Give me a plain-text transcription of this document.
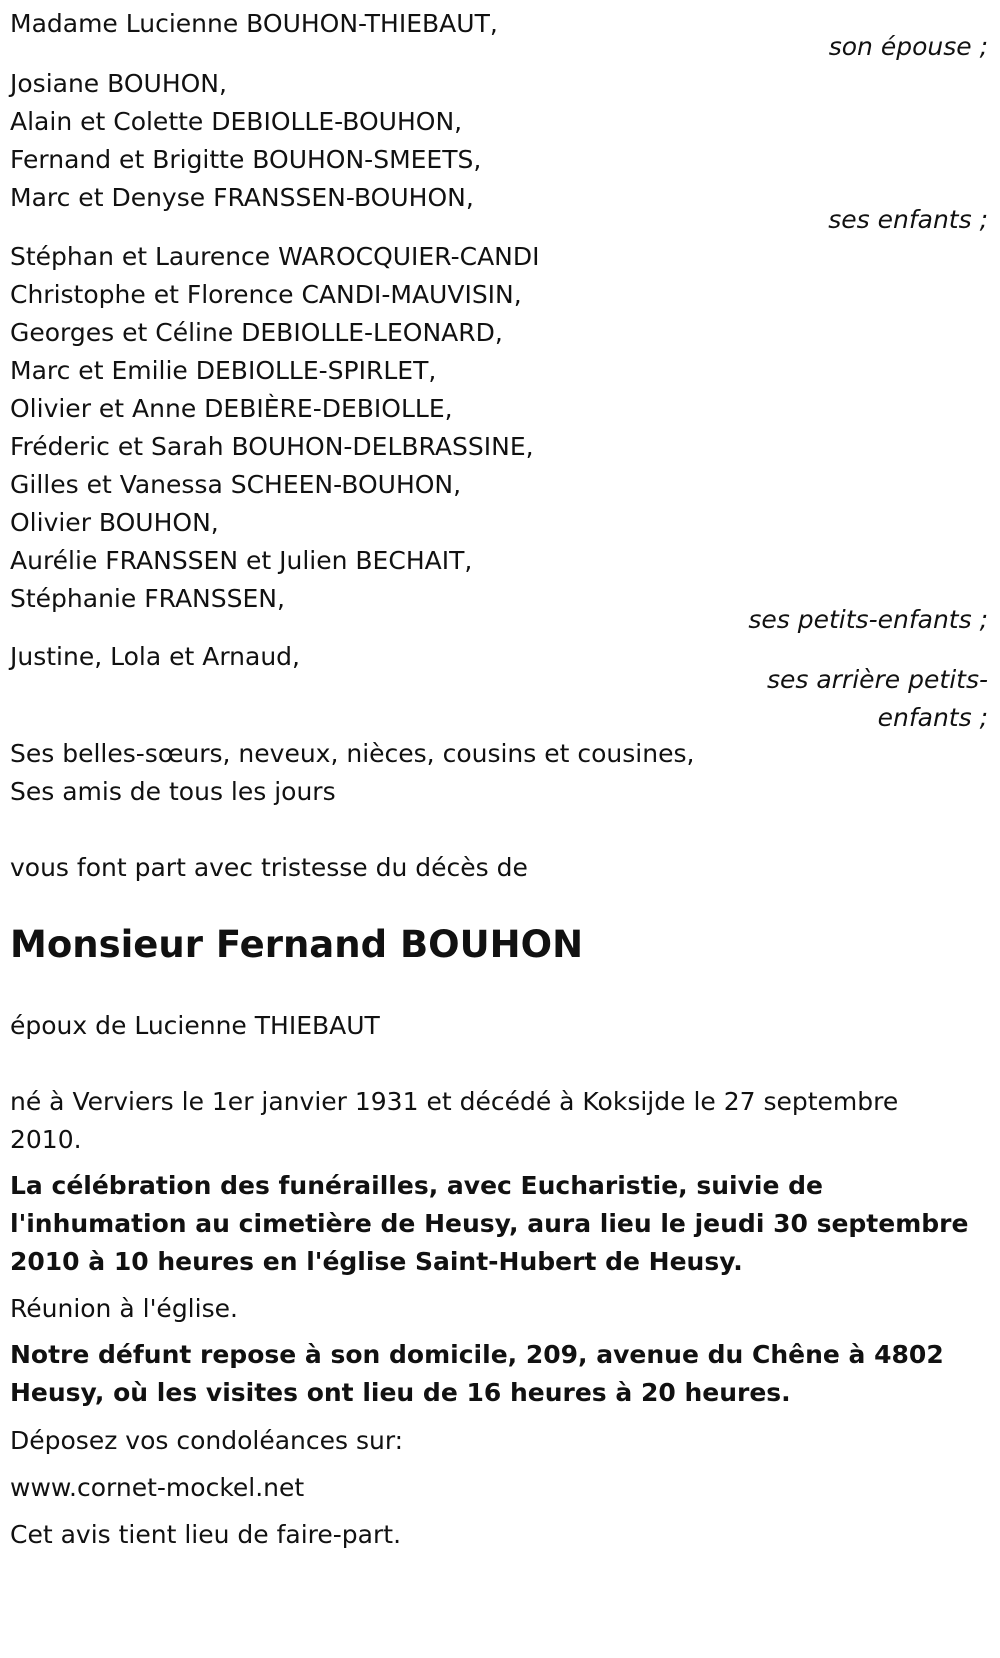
Madame Lucienne BOUHON-THIEBAUT,
son épouse ;
Josiane BOUHON,
Alain et Colette DEBIOLLE-BOUHON,
Fernand et Brigitte BOUHON-SMEETS,
Marc et Denyse FRANSSEN-BOUHON,
ses enfants ;
Stéphan et Laurence WAROCQUIER-CANDI
Christophe et Florence CANDI-MAUVISIN,
Georges et Céline DEBIOLLE-LEONARD,
Marc et Emilie DEBIOLLE-SPIRLET,
Olivier et Anne DEBIÈRE-DEBIOLLE,
Fréderic et Sarah BOUHON-DELBRASSINE,
Gilles et Vanessa SCHEEN-BOUHON,
Olivier BOUHON,
Aurélie FRANSSEN et Julien BECHAIT,
Stéphanie FRANSSEN,
ses petits-enfants ;
Justine, Lola et Arnaud,
ses arrière petits-
enfants ;
Ses belles-sœurs, neveux, nièces, cousins et cousines,
Ses amis de tous les jours
vous font part avec tristesse du décès de
Monsieur Fernand BOUHON
époux de Lucienne THIEBAUT
né à Verviers le 1er janvier 1931 et décédé à Koksijde le 27 septembre 2010.
La célébration des funérailles, avec Eucharistie, suivie de l'inhumation au cimetière de Heusy, aura lieu le jeudi 30 septembre 2010 à 10 heures en l'église Saint-Hubert de Heusy.
Réunion à l'église.
Notre défunt repose à son domicile, 209, avenue du Chêne à 4802 Heusy, où les visites ont lieu de 16 heures à 20 heures.
Déposez vos condoléances sur:
www.cornet-mockel.net
Cet avis tient lieu de faire-part.
